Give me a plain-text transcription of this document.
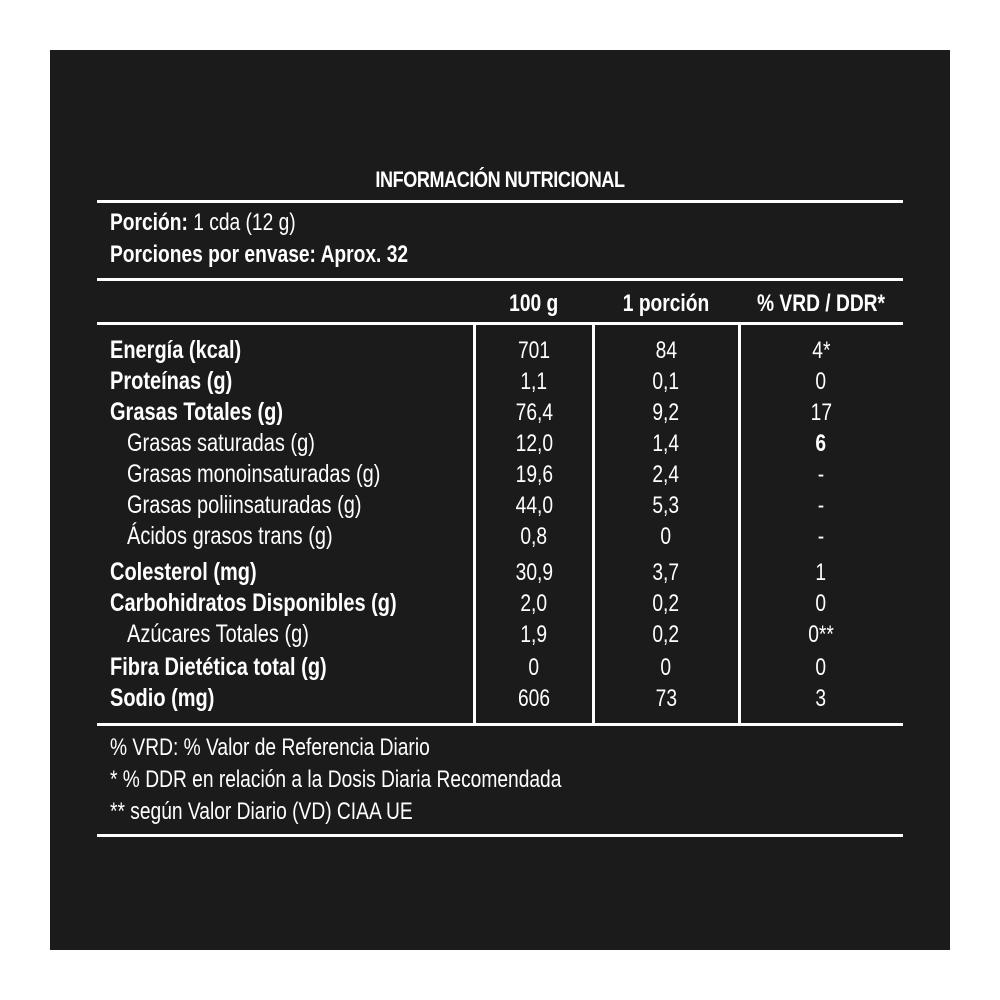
INFORMACIÓN NUTRICIONAL
Porción: 1 cda (12 g)
Porciones por envase: Aprox. 32
100 g	1 porción	% VRD / DDR*
Energía (kcal)	701	84	4*
Proteínas (g)	1,1	0,1	0
Grasas Totales (g)	76,4	9,2	17
Grasas saturadas (g)	12,0	1,4	6
Grasas monoinsaturadas (g)	19,6	2,4	-
Grasas poliinsaturadas (g)	44,0	5,3	-
Ácidos grasos trans (g)	0,8	0	-
Colesterol (mg)	30,9	3,7	1
Carbohidratos Disponibles (g)	2,0	0,2	0
Azúcares Totales (g)	1,9	0,2	0**
Fibra Dietética total (g)	0	0	0
Sodio (mg)	606	73	3
% VRD: % Valor de Referencia Diario
* % DDR en relación a la Dosis Diaria Recomendada
** según Valor Diario (VD) CIAA UE
